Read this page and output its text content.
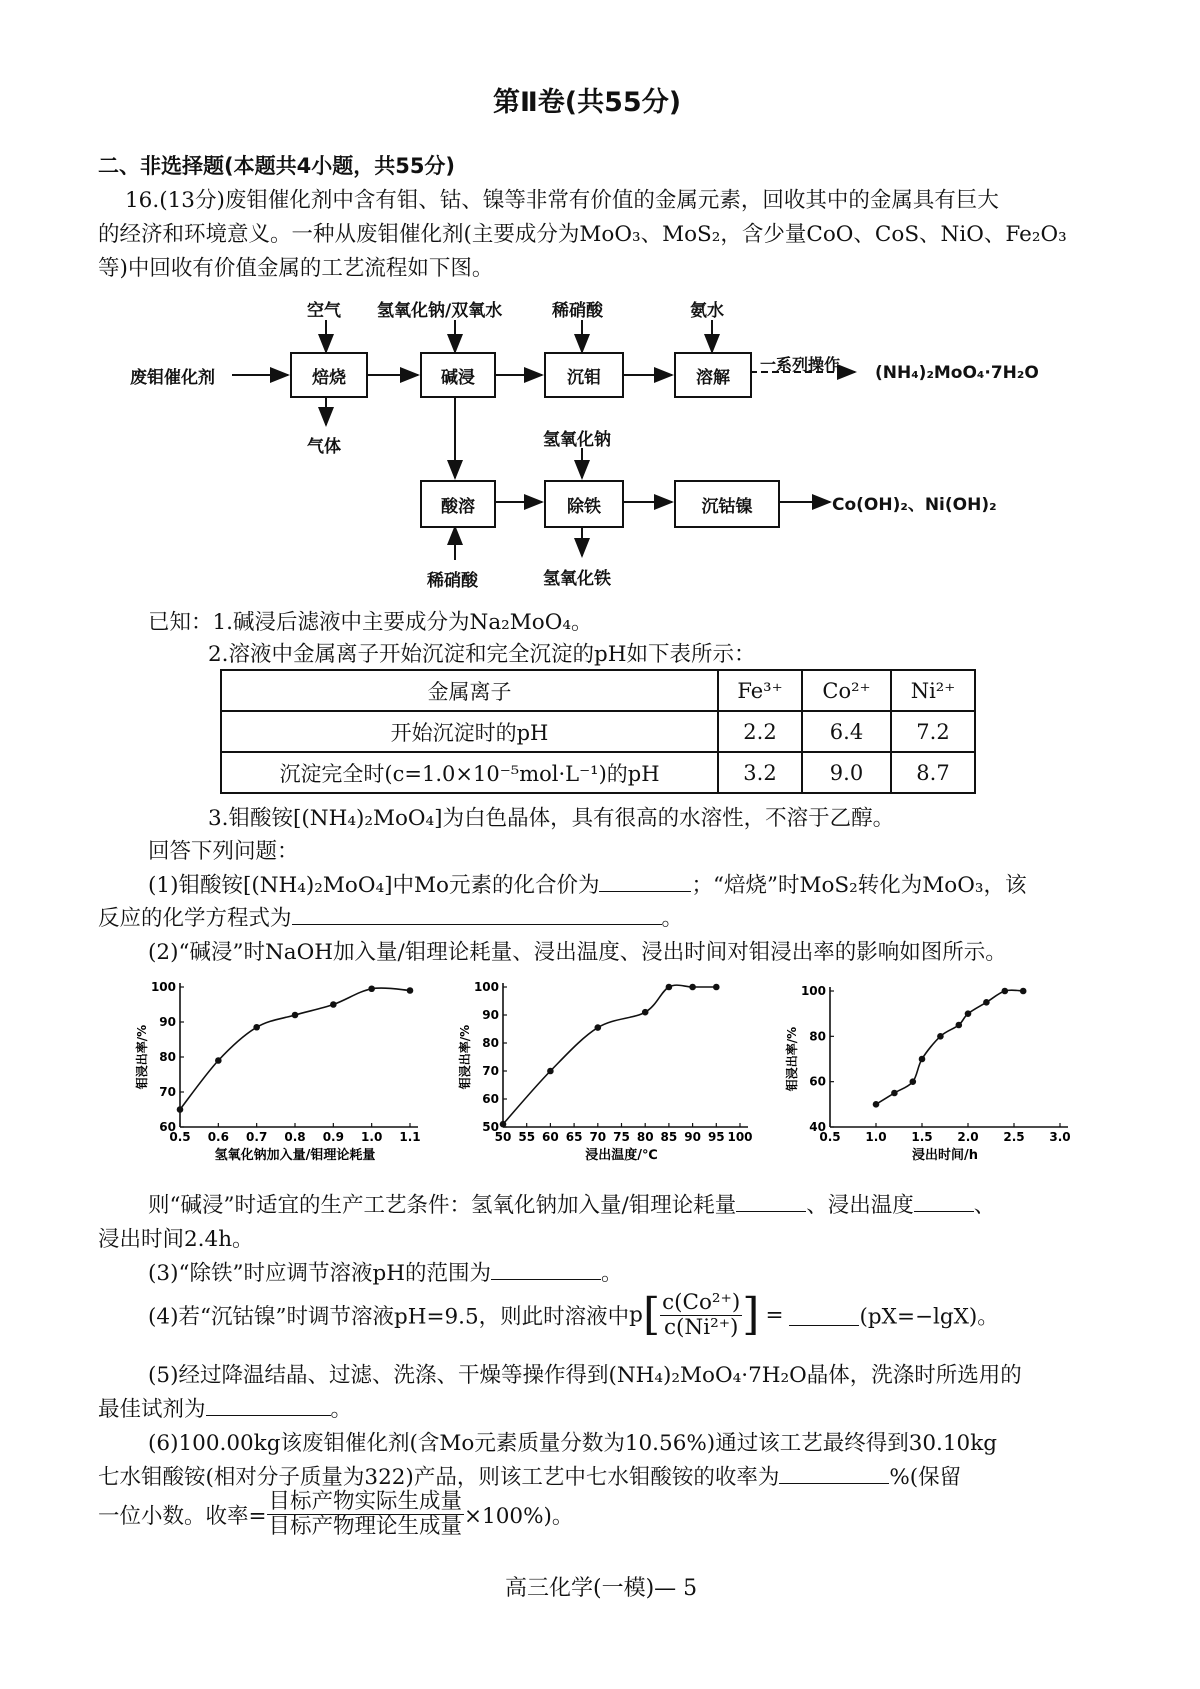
第Ⅱ卷(共55分)
二、非选择题(本题共4小题，共55分)
16.(13分)废钼催化剂中含有钼、钴、镍等非常有价值的金属元素，回收其中的金属具有巨大
的经济和环境意义。一种从废钼催化剂(主要成分为MoO₃、MoS₂，含少量CoO、CoS、NiO、Fe₂O₃
等)中回收有价值金属的工艺流程如下图。
废钼催化剂
空气 氢氧化钠/双氧水	稀硝酸	氨水
焙烧	碱浸	沉钼	溶解
一系列操作 (NH₄)₂MoO₄·7H₂O
气体	氢氧化钠
酸溶	除铁	沉钴镍	Co(OH)₂、Ni(OH)₂
稀硝酸	氢氧化铁
已知：1.碱浸后滤液中主要成分为Na₂MoO₄。
2.溶液中金属离子开始沉淀和完全沉淀的pH如下表所示：
金属离子	Fe³⁺	Co²⁺	Ni²⁺
开始沉淀时的pH	2.2	6.4	7.2
沉淀完全时(c=1.0×10⁻⁵mol·L⁻¹)的pH	3.2	9.0	8.7
3.钼酸铵[(NH₄)₂MoO₄]为白色晶体，具有很高的水溶性，不溶于乙醇。
回答下列问题：
(1)钼酸铵[(NH₄)₂MoO₄]中Mo元素的化合价为	；“焙烧”时MoS₂转化为MoO₃，该
反应的化学方程式为	。
(2)“碱浸”时NaOH加入量/钼理论耗量、浸出温度、浸出时间对钼浸出率的影响如图所示。
0.5 0.6 0.7 0.8 0.9 1.0 1.1
60
70
80
90
100
氢氧化钠加入量/钼理论耗量
钼浸出率/%
50 55 60 65 70 75 80 85 90 95 100
50
60
70
80
90
100
浸出温度/℃
钼浸出率/%
0.5 1.0 1.5 2.0 2.5 3.0
40
60
80
100
浸出时间/h
钼浸出率/%
则“碱浸”时适宜的生产工艺条件：氢氧化钠加入量/钼理论耗量	、浸出温度	、
浸出时间2.4h。
(3)“除铁”时应调节溶液pH的范围为	。
(4)若“沉钴镍”时调节溶液pH=9.5，则此时溶液中$p[ \frac{\text{c(Co²⁺)}}{\text{c(Ni²⁺)}}$ ] =	(pX=−lgX)。
(5)经过降温结晶、过滤、洗涤、干燥等操作得到(NH₄)₂MoO₄·7H₂O晶体，洗涤时所选用的
最佳试剂为	。
(6)100.00kg该废钼催化剂(含Mo元素质量分数为10.56%)通过该工艺最终得到30.10kg
七水钼酸铵(相对分子质量为322)产品，则该工艺中七水钼酸铵的收率为	%(保留
一位小数。收率=
目标产物实际生成量
目标产物理论生成量 ×100%)。
高三化学(一模)— 5
